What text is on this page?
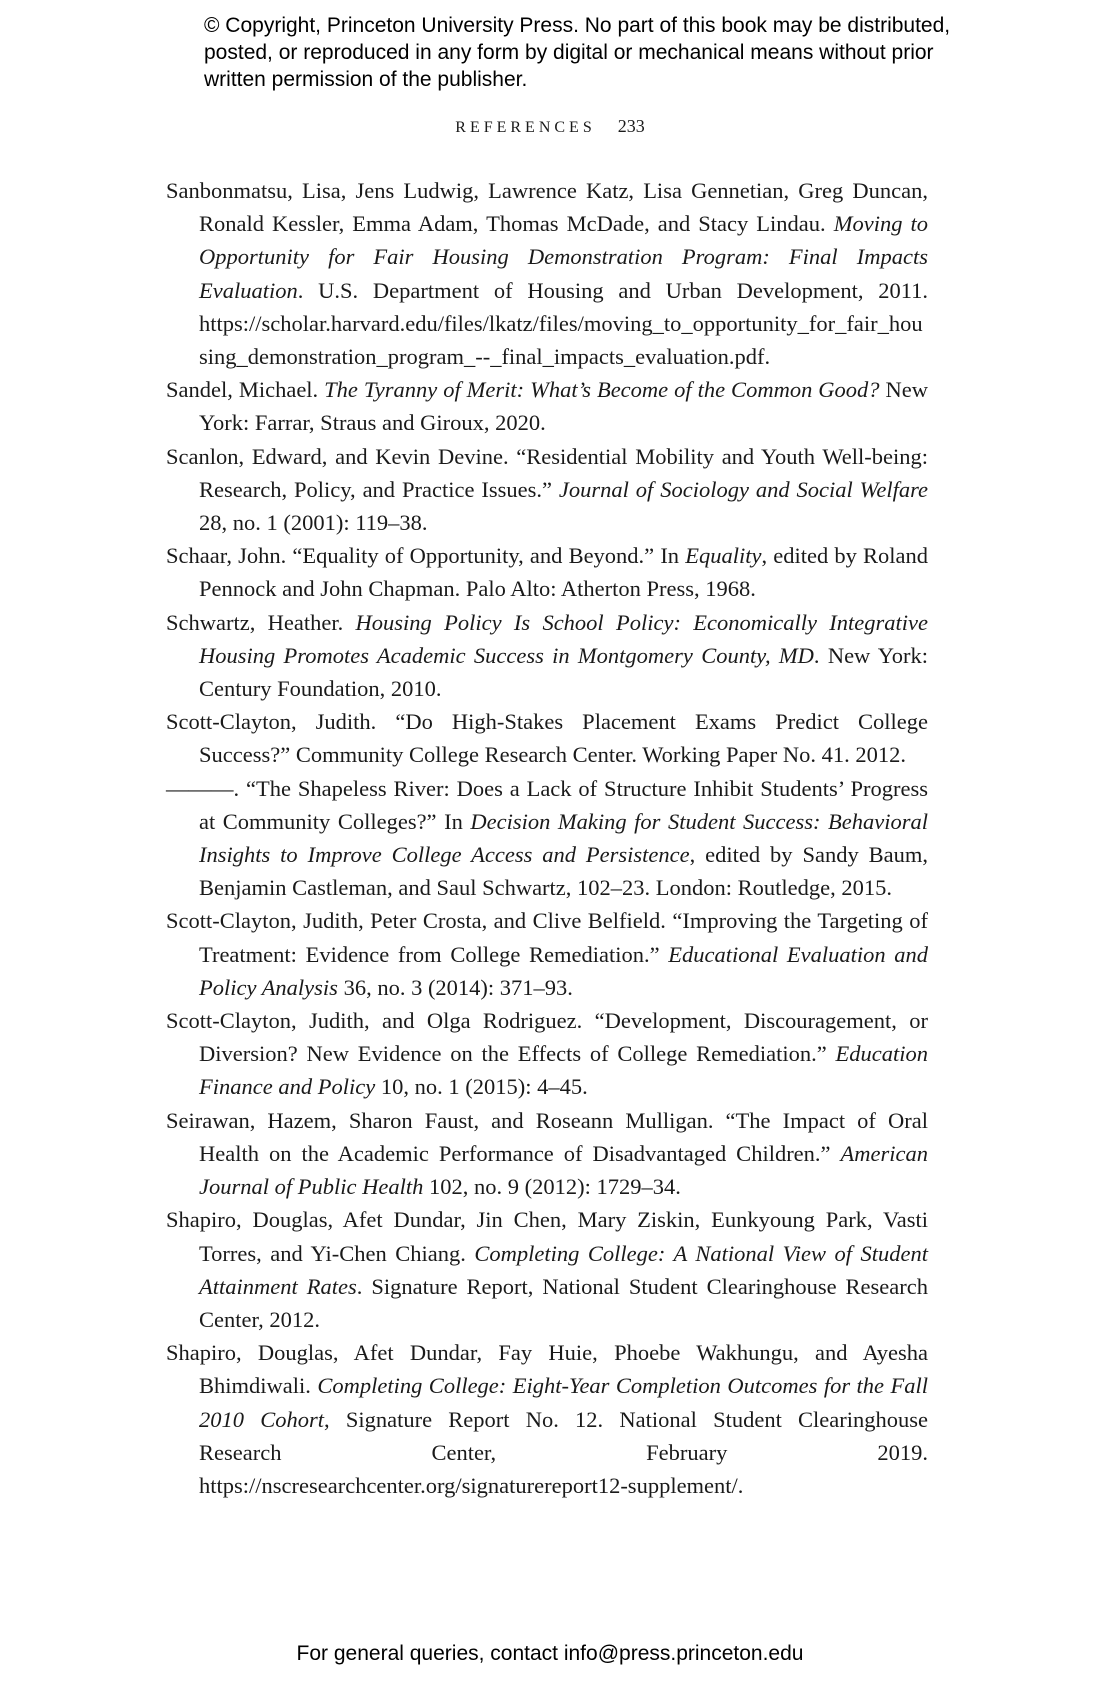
© Copyright, Princeton University Press. No part of this book may be distributed, posted, or reproduced in any form by digital or mechanical means without prior written permission of the publisher.
REFERENCES 233

Sanbonmatsu, Lisa, Jens Ludwig, Lawrence Katz, Lisa Gennetian, Greg Duncan, Ronald Kessler, Emma Adam, Thomas McDade, and Stacy Lindau. Moving to Opportunity for Fair Housing Demonstration Program: Final Impacts Evaluation. U.S. Department of Housing and Urban Development, 2011. https://scholar.harvard.edu/files/lkatz/files/moving_to_opportunity_for_fair_housing_demonstration_program_--_final_impacts_evaluation.pdf.

Sandel, Michael. The Tyranny of Merit: What’s Become of the Common Good? New York: Farrar, Straus and Giroux, 2020.

Scanlon, Edward, and Kevin Devine. “Residential Mobility and Youth Well-being: Research, Policy, and Practice Issues.” Journal of Sociology and Social Welfare 28, no. 1 (2001): 119–38.

Schaar, John. “Equality of Opportunity, and Beyond.” In Equality, edited by Roland Pennock and John Chapman. Palo Alto: Atherton Press, 1968.

Schwartz, Heather. Housing Policy Is School Policy: Economically Integrative Housing Promotes Academic Success in Montgomery County, MD. New York: Century Foundation, 2010.

Scott-Clayton, Judith. “Do High-Stakes Placement Exams Predict College Success?” Community College Research Center. Working Paper No. 41. 2012.

———. “The Shapeless River: Does a Lack of Structure Inhibit Students’ Progress at Community Colleges?” In Decision Making for Student Success: Behavioral Insights to Improve College Access and Persistence, edited by Sandy Baum, Benjamin Castleman, and Saul Schwartz, 102–23. London: Routledge, 2015.

Scott-Clayton, Judith, Peter Crosta, and Clive Belfield. “Improving the Targeting of Treatment: Evidence from College Remediation.” Educational Evaluation and Policy Analysis 36, no. 3 (2014): 371–93.

Scott-Clayton, Judith, and Olga Rodriguez. “Development, Discouragement, or Diversion? New Evidence on the Effects of College Remediation.” Education Finance and Policy 10, no. 1 (2015): 4–45.

Seirawan, Hazem, Sharon Faust, and Roseann Mulligan. “The Impact of Oral Health on the Academic Performance of Disadvantaged Children.” American Journal of Public Health 102, no. 9 (2012): 1729–34.

Shapiro, Douglas, Afet Dundar, Jin Chen, Mary Ziskin, Eunkyoung Park, Vasti Torres, and Yi-Chen Chiang. Completing College: A National View of Student Attainment Rates. Signature Report, National Student Clearinghouse Research Center, 2012.

Shapiro, Douglas, Afet Dundar, Fay Huie, Phoebe Wakhungu, and Ayesha Bhimdiwali. Completing College: Eight-Year Completion Outcomes for the Fall 2010 Cohort, Signature Report No. 12. National Student Clearinghouse Research Center, February 2019. https://nscresearchcenter.org/signaturereport12-supplement/.

For general queries, contact info@press.princeton.edu
